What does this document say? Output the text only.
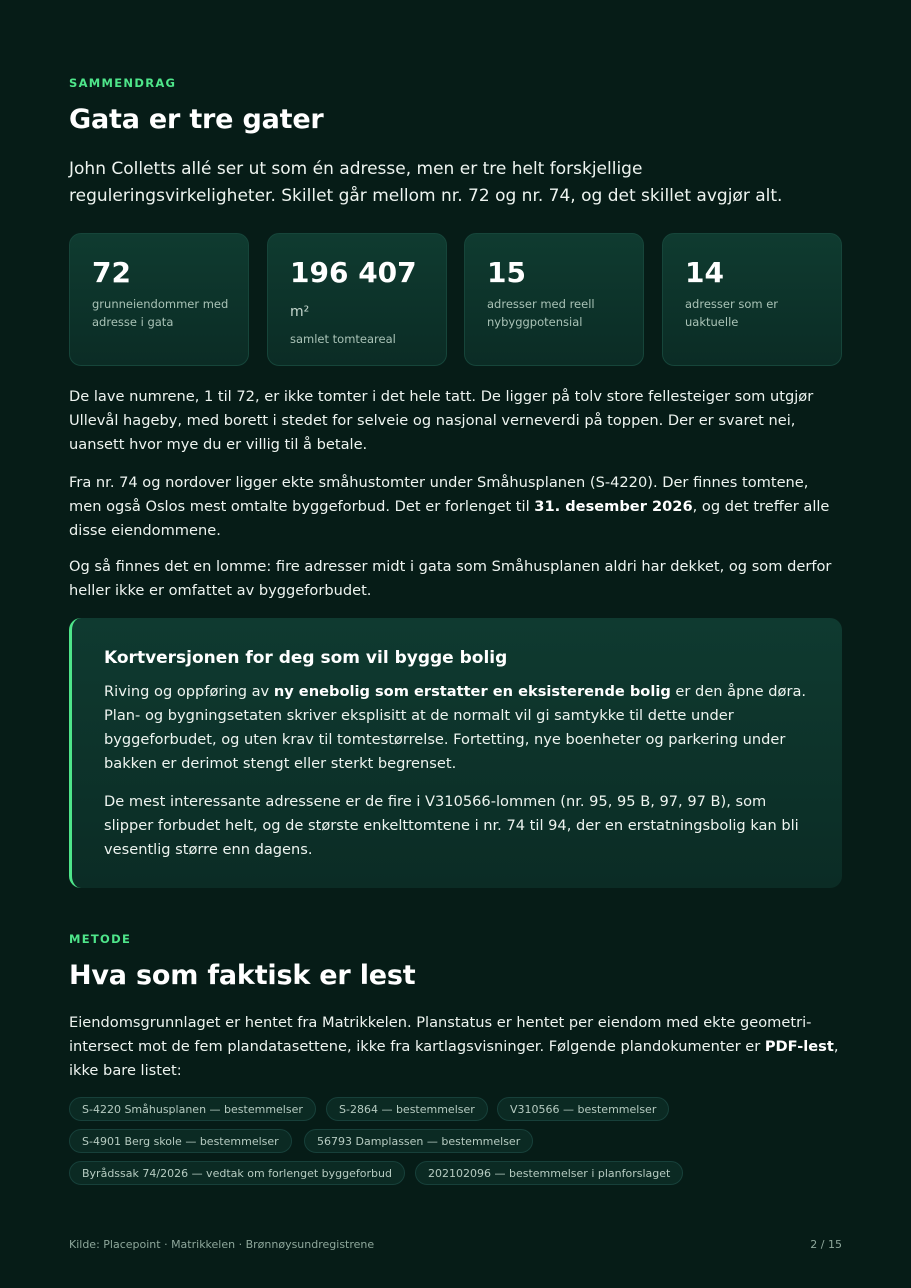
SAMMENDRAG
Gata er tre gater

John Colletts allé ser ut som én adresse, men er tre helt forskjellige reguleringsvirkeligheter. Skillet går mellom nr. 72 og nr. 74, og det skillet avgjør alt.

72
grunneiendommer med adresse i gata
196 407
m²
samlet tomteareal
15
adresser med reell nybyggpotensial
14
adresser som er uaktuelle

De lave numrene, 1 til 72, er ikke tomter i det hele tatt. De ligger på tolv store fellesteiger som utgjør Ullevål hageby, med borett i stedet for selveie og nasjonal verneverdi på toppen. Der er svaret nei, uansett hvor mye du er villig til å betale.

Fra nr. 74 og nordover ligger ekte småhustomter under Småhusplanen (S-4220). Der finnes tomtene, men også Oslos mest omtalte byggeforbud. Det er forlenget til 31. desember 2026, og det treffer alle disse eiendommene.

Og så finnes det en lomme: fire adresser midt i gata som Småhusplanen aldri har dekket, og som derfor heller ikke er omfattet av byggeforbudet.

Kortversjonen for deg som vil bygge bolig

Riving og oppføring av ny enebolig som erstatter en eksisterende bolig er den åpne døra. Plan- og bygningsetaten skriver eksplisitt at de normalt vil gi samtykke til dette under byggeforbudet, og uten krav til tomtestørrelse. Fortetting, nye boenheter og parkering under bakken er derimot stengt eller sterkt begrenset.

De mest interessante adressene er de fire i V310566-lommen (nr. 95, 95 B, 97, 97 B), som slipper forbudet helt, og de største enkelttomtene i nr. 74 til 94, der en erstatningsbolig kan bli vesentlig større enn dagens.

METODE
Hva som faktisk er lest

Eiendomsgrunnlaget er hentet fra Matrikkelen. Planstatus er hentet per eiendom med ekte geometri-intersect mot de fem plandatasettene, ikke fra kartlagsvisninger. Følgende plandokumenter er PDF-lest, ikke bare listet:

S-4220 Småhusplanen — bestemmelser	S-2864 — bestemmelser	V310566 — bestemmelser
S-4901 Berg skole — bestemmelser	56793 Damplassen — bestemmelser
Byrådssak 74/2026 — vedtak om forlenget byggeforbud	202102096 — bestemmelser i planforslaget
Kilde: Placepoint · Matrikkelen · Brønnøysundregistrene	2 / 15
